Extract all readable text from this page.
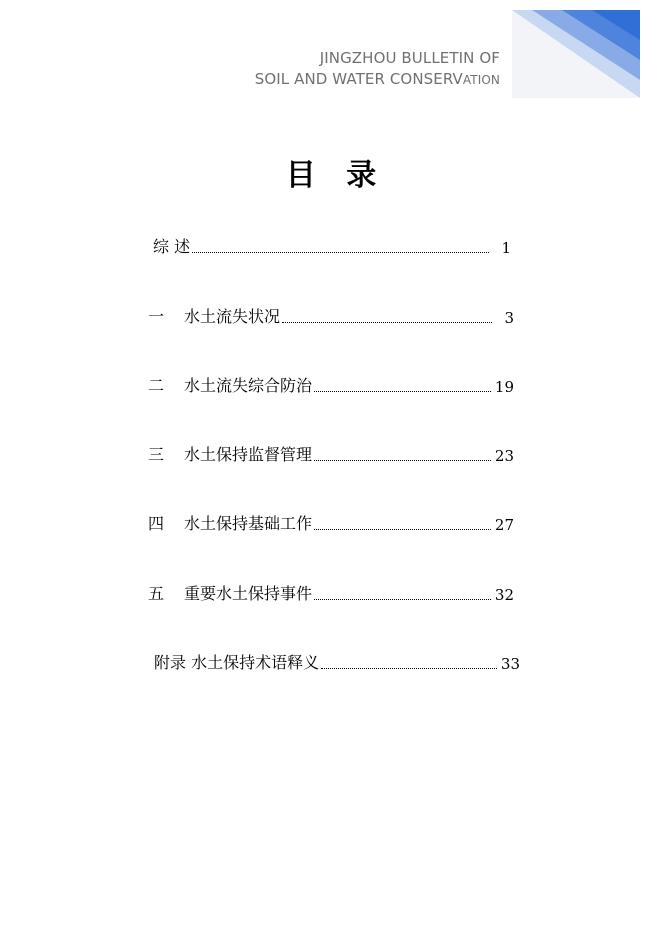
JINGZHOU BULLETIN OF
SOIL AND WATER CONSERVATION
目 录
综 述	1
一	水土流失状况	3
二	水土流失综合防治	19
三	水土保持监督管理	23
四	水土保持基础工作	27
五	重要水土保持事件	32
附录 水土保持术语释义	33
